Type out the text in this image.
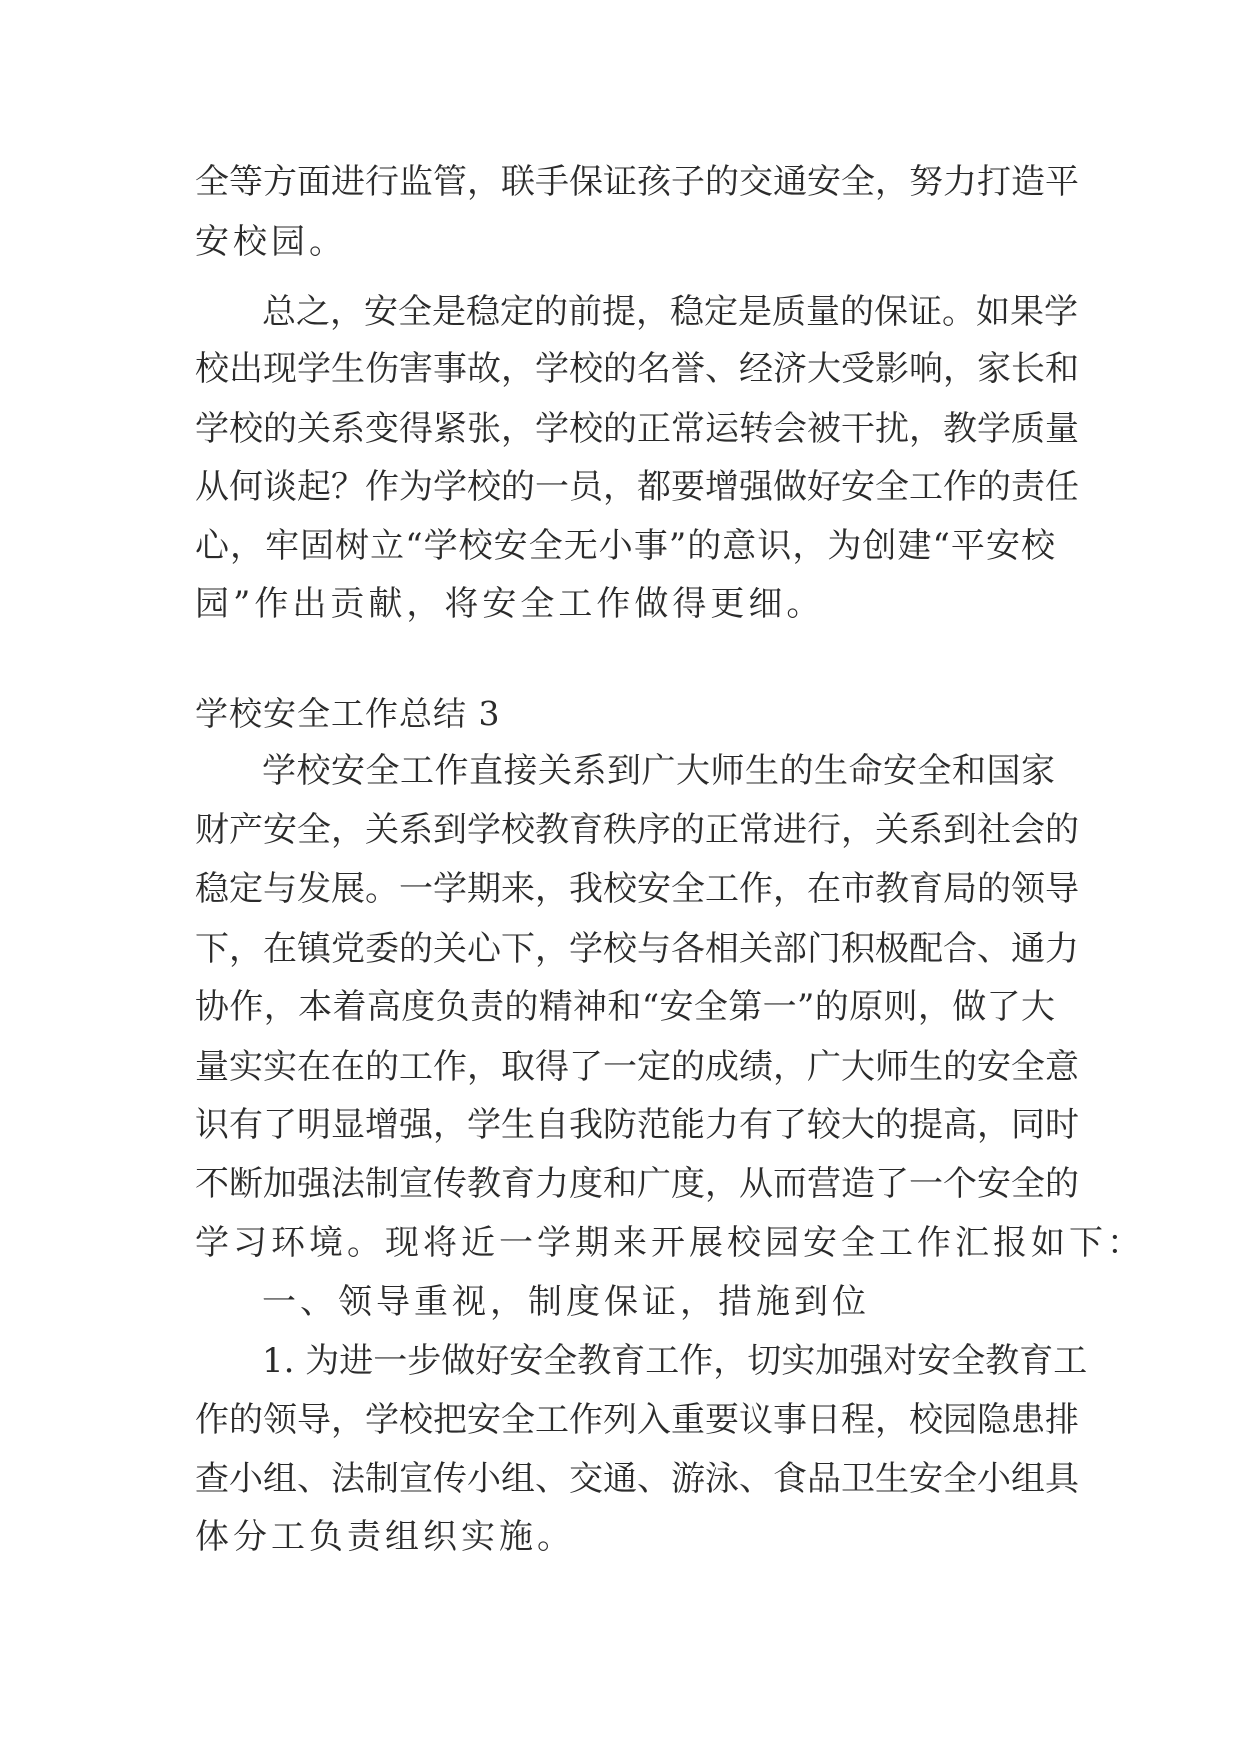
全等方面进行监管，联手保证孩子的交通安全，努力打造平

安校园。

总之，安全是稳定的前提，稳定是质量的保证。如果学

校出现学生伤害事故，学校的名誉、经济大受影响，家长和

学校的关系变得紧张，学校的正常运转会被干扰，教学质量

从何谈起？作为学校的一员，都要增强做好安全工作的责任

心，牢固树立“学校安全无小事”的意识，为创建“平安校

园”作出贡献，将安全工作做得更细。

学校安全工作总结 3

学校安全工作直接关系到广大师生的生命安全和国家

财产安全，关系到学校教育秩序的正常进行，关系到社会的

稳定与发展。一学期来，我校安全工作，在市教育局的领导

下，在镇党委的关心下，学校与各相关部门积极配合、通力

协作，本着高度负责的精神和“安全第一”的原则，做了大

量实实在在的工作，取得了一定的成绩，广大师生的安全意

识有了明显增强，学生自我防范能力有了较大的提高，同时

不断加强法制宣传教育力度和广度，从而营造了一个安全的

学习环境。现将近一学期来开展校园安全工作汇报如下：

一、领导重视，制度保证，措施到位

1. 为进一步做好安全教育工作，切实加强对安全教育工

作的领导，学校把安全工作列入重要议事日程，校园隐患排

查小组、法制宣传小组、交通、游泳、食品卫生安全小组具

体分工负责组织实施。
